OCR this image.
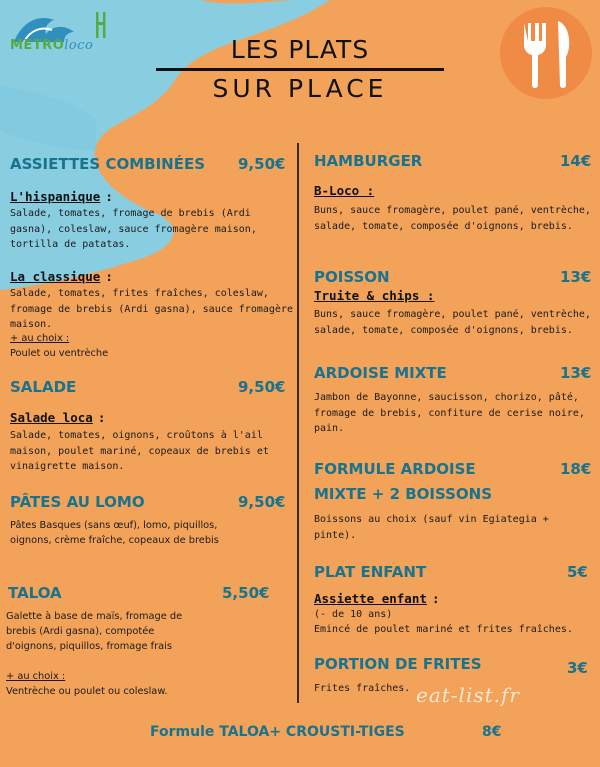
METROloco	LES PLATS
SUR PLACE
ASSIETTES COMBINÉES 9,50€
L'hispanique :
Salade, tomates, fromage de brebis (Ardi gasna), coleslaw, sauce fromagère maison, tortilla de patatas.
La classique :
Salade, tomates, frites fraîches, coleslaw, fromage de brebis (Ardi gasna), sauce fromagère maison.
+ au choix :
Poulet ou ventrèche
SALADE	9,50€
Salade loca :
Salade, tomates, oignons, croûtons à l'ail maison, poulet mariné, copeaux de brebis et vinaigrette maison.
PÂTES AU LOMO	9,50€
Pâtes Basques (sans œuf), lomo, piquillos, oignons, crème fraîche, copeaux de brebis
TALOA	5,50€
Galette à base de maïs, fromage de brebis (Ardi gasna), compotée d'oignons, piquillos, fromage frais
+ au choix :
Ventrèche ou poulet ou coleslaw.
HAMBURGER	14€
B-Loco :
Buns, sauce fromagère, poulet pané, ventrèche, salade, tomate, composée d'oignons, brebis.
POISSON	13€
Truite & chips :
Buns, sauce fromagère, poulet pané, ventrèche, salade, tomate, composée d'oignons, brebis.
ARDOISE MIXTE	13€
Jambon de Bayonne, saucisson, chorizo, pâté, fromage de brebis, confiture de cerise noire, pain.
FORMULE ARDOISE	18€
MIXTE + 2 BOISSONS
Boissons au choix (sauf vin Egiategia + pinte).
PLAT ENFANT	5€
Assiette enfant :
(- de 10 ans)
Emincé de poulet mariné et frites fraîches.
PORTION DE FRITES	3€
Frites fraîches. eat-list.fr
Formule TALOA+ CROUSTI-TIGES	8€
